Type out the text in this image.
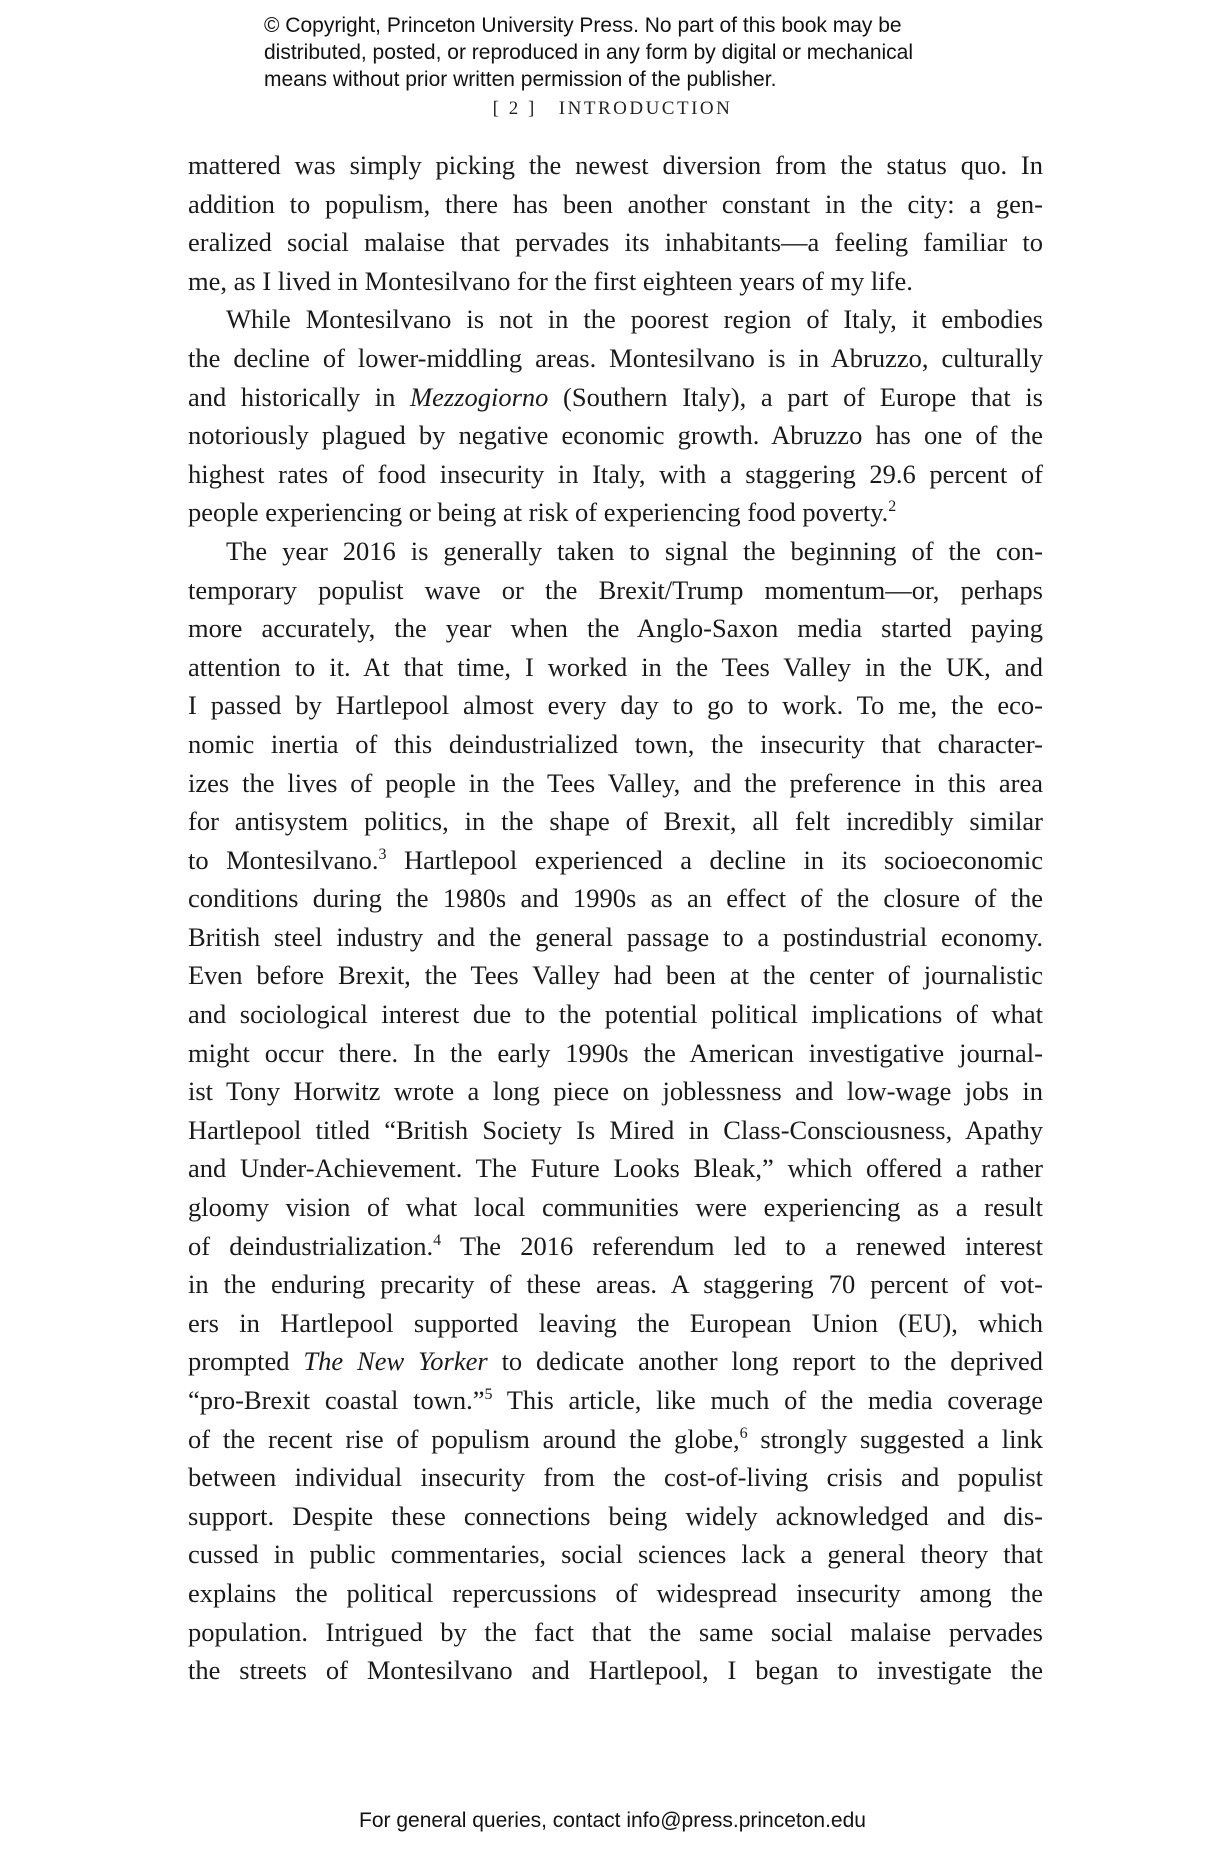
© Copyright, Princeton University Press. No part of this book may be
distributed, posted, or reproduced in any form by digital or mechanical
means without prior written permission of the publisher.
[ 2 ] INTRODUCTION
mattered was simply picking the newest diversion from the status quo. In
addition to populism, there has been another constant in the city: a gen-
eralized social malaise that pervades its inhabitants—a feeling familiar to
me, as I lived in Montesilvano for the first eighteen years of my life.
While Montesilvano is not in the poorest region of Italy, it embodies
the decline of lower-middling areas. Montesilvano is in Abruzzo, culturally
and historically in Mezzogiorno (Southern Italy), a part of Europe that is
notoriously plagued by negative economic growth. Abruzzo has one of the
highest rates of food insecurity in Italy, with a staggering 29.6 percent of
people experiencing or being at risk of experiencing food poverty.$^2$
The year 2016 is generally taken to signal the beginning of the con-
temporary populist wave or the Brexit/Trump momentum—or, perhaps
more accurately, the year when the Anglo-Saxon media started paying
attention to it. At that time, I worked in the Tees Valley in the UK, and
I passed by Hartlepool almost every day to go to work. To me, the eco-
nomic inertia of this deindustrialized town, the insecurity that character-
izes the lives of people in the Tees Valley, and the preference in this area
for antisystem politics, in the shape of Brexit, all felt incredibly similar
to Montesilvano.$^3$ Hartlepool experienced a decline in its socioeconomic
conditions during the 1980s and 1990s as an effect of the closure of the
British steel industry and the general passage to a postindustrial economy.
Even before Brexit, the Tees Valley had been at the center of journalistic
and sociological interest due to the potential political implications of what
might occur there. In the early 1990s the American investigative journal-
ist Tony Horwitz wrote a long piece on joblessness and low-wage jobs in
Hartlepool titled “British Society Is Mired in Class-Consciousness, Apathy
and Under-Achievement. The Future Looks Bleak,” which offered a rather
gloomy vision of what local communities were experiencing as a result
of deindustrialization.$^4$ The 2016 referendum led to a renewed interest
in the enduring precarity of these areas. A staggering 70 percent of vot-
ers in Hartlepool supported leaving the European Union (EU), which
prompted The New Yorker to dedicate another long report to the deprived
“pro-Brexit coastal town.”$^5$ This article, like much of the media coverage
of the recent rise of populism around the globe,$^6$ strongly suggested a link
between individual insecurity from the cost-of-living crisis and populist
support. Despite these connections being widely acknowledged and dis-
cussed in public commentaries, social sciences lack a general theory that
explains the political repercussions of widespread insecurity among the
population. Intrigued by the fact that the same social malaise pervades
the streets of Montesilvano and Hartlepool, I began to investigate the
For general queries, contact info@press.princeton.edu
